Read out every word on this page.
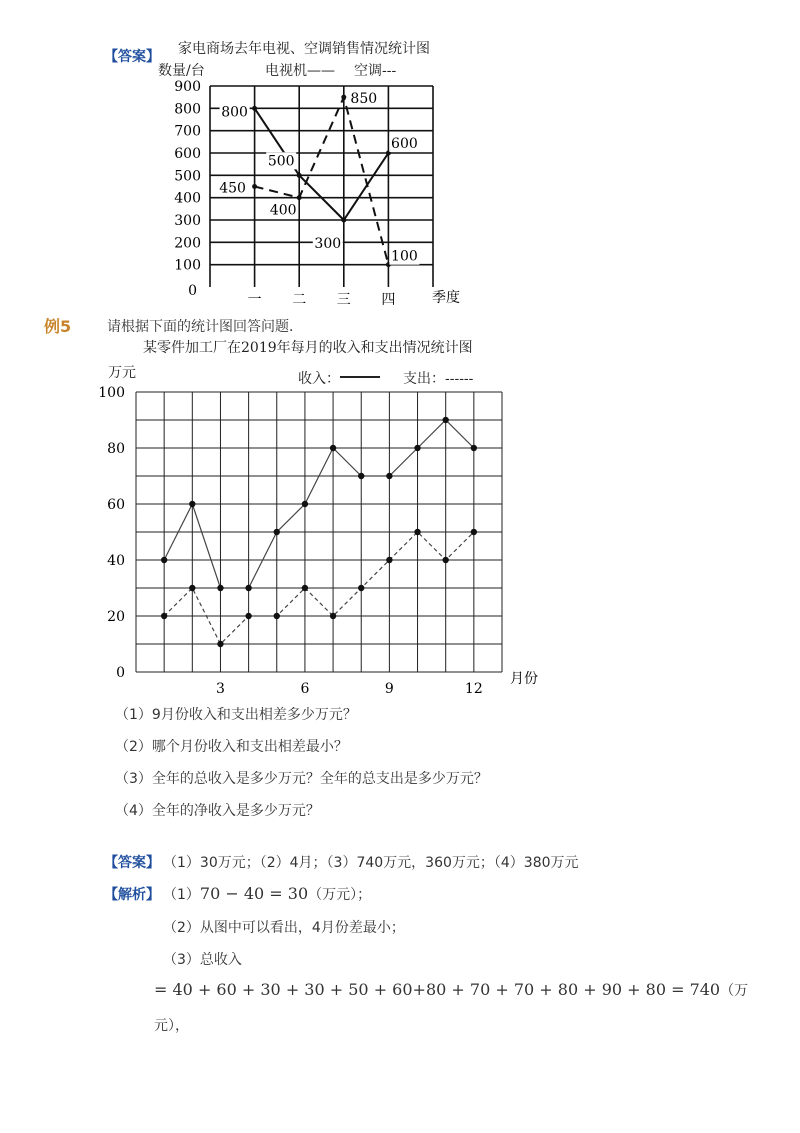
【答案】 家电商场去年电视、空调销售情况统计图
数量/台	电视机—— 空调---
0
100
200
300
400
500
600
700
800
900
一 二 三 四
800
500
300
600
450
400
850
100
季度
例5	请根据下面的统计图回答问题．
某零件加工厂在2019年每月的收入和支出情况统计图
万元	收入：	支出：------
0
20
40
60
80
100
3	6	9	12
月份
（1）9月份收入和支出相差多少万元？
（2）哪个月份收入和支出相差最小？
（3）全年的总收入是多少万元？全年的总支出是多少万元？
（4）全年的净收入是多少万元？
【答案】 （1）30万元；（2）4月；（3）740万元，360万元；（4）380万元
【解析】 （1）70 − 40 = 30（万元）；
（2）从图中可以看出，4月份差最小；
（3）总收入
= 40 + 60 + 30 + 30 + 50 + 60+80 + 70 + 70 + 80 + 90 + 80 = 740（万
元），
